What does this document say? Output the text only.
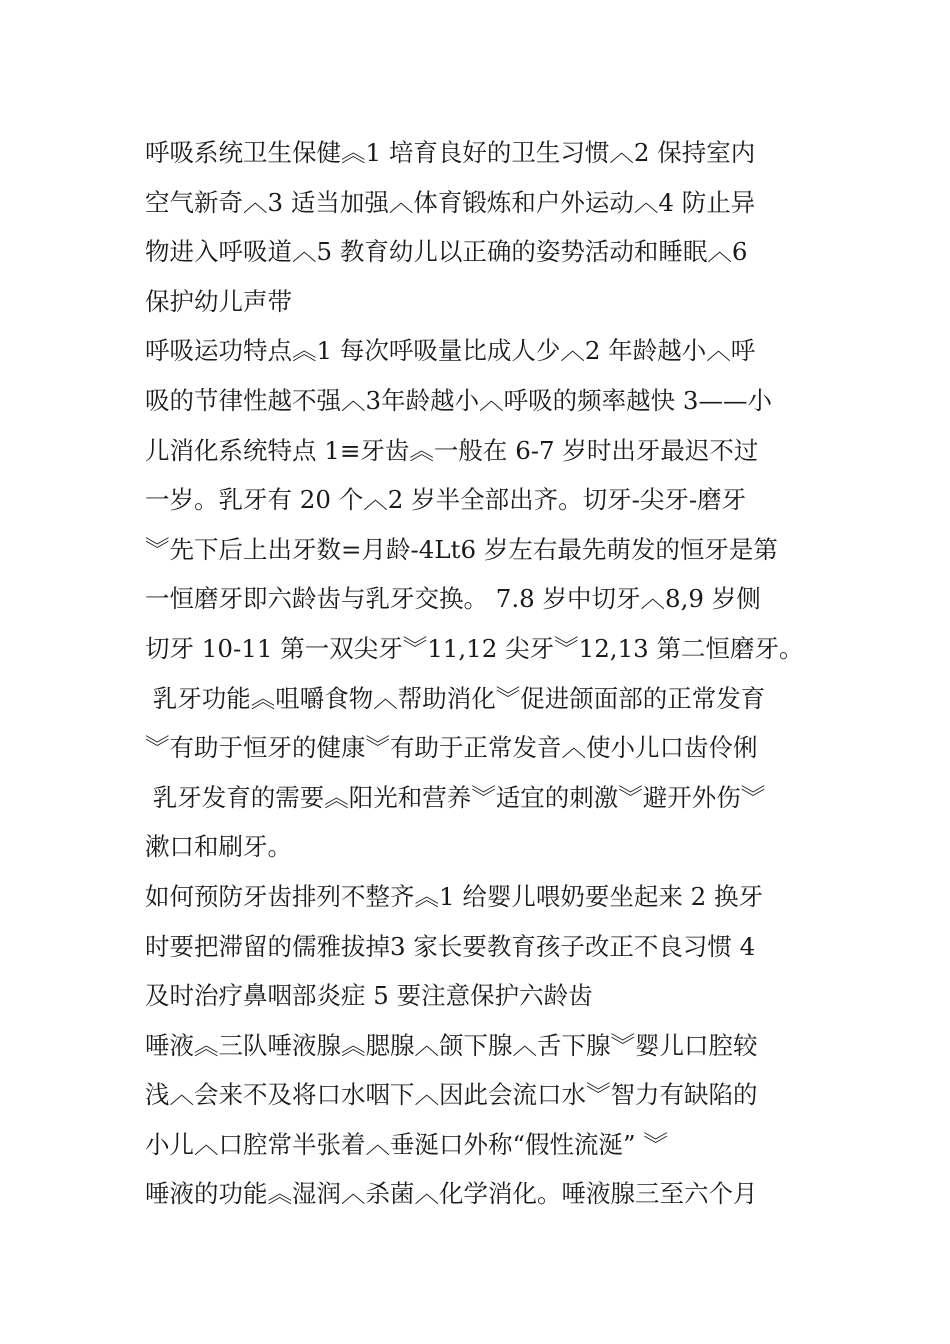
呼吸系统卫生保健︽1 培育良好的卫生习惯︿2 保持室内
空气新奇︿3 适当加强︿体育锻炼和户外运动︿4 防止异
物进入呼吸道︿5 教育幼儿以正确的姿势活动和睡眠︿6
保护幼儿声带
呼吸运功特点︽1 每次呼吸量比成人少︿2 年龄越小︿呼
吸的节律性越不强︿3年龄越小︿呼吸的频率越快 3——小
儿消化系统特点 1≡牙齿︽一般在 6-7 岁时出牙最迟不过
一岁。乳牙有 20 个︿2 岁半全部出齐。切牙-尖牙-磨牙
︾先下后上出牙数=月龄-4Lt6 岁左右最先萌发的恒牙是第
一恒磨牙即六龄齿与乳牙交换。 7.8 岁中切牙︿8,9 岁侧
切牙 10-11 第一双尖牙︾11,12 尖牙︾12,13 第二恒磨牙。
乳牙功能︽咀嚼食物︿帮助消化︾促进颌面部的正常发育
︾有助于恒牙的健康︾有助于正常发音︿使小儿口齿伶俐
乳牙发育的需要︽阳光和营养︾适宜的刺激︾避开外伤︾
漱口和刷牙。
如何预防牙齿排列不整齐︽1 给婴儿喂奶要坐起来 2 换牙
时要把滞留的儒雅拔掉3 家长要教育孩子改正不良习惯 4
及时治疗鼻咽部炎症 5 要注意保护六龄齿
唾液︽三队唾液腺︽腮腺︿颌下腺︿舌下腺︾婴儿口腔较
浅︿会来不及将口水咽下︿因此会流口水︾智力有缺陷的
小儿︿口腔常半张着︿垂涎口外称“假性流涎” ︾
唾液的功能︽湿润︿杀菌︿化学消化。唾液腺三至六个月
